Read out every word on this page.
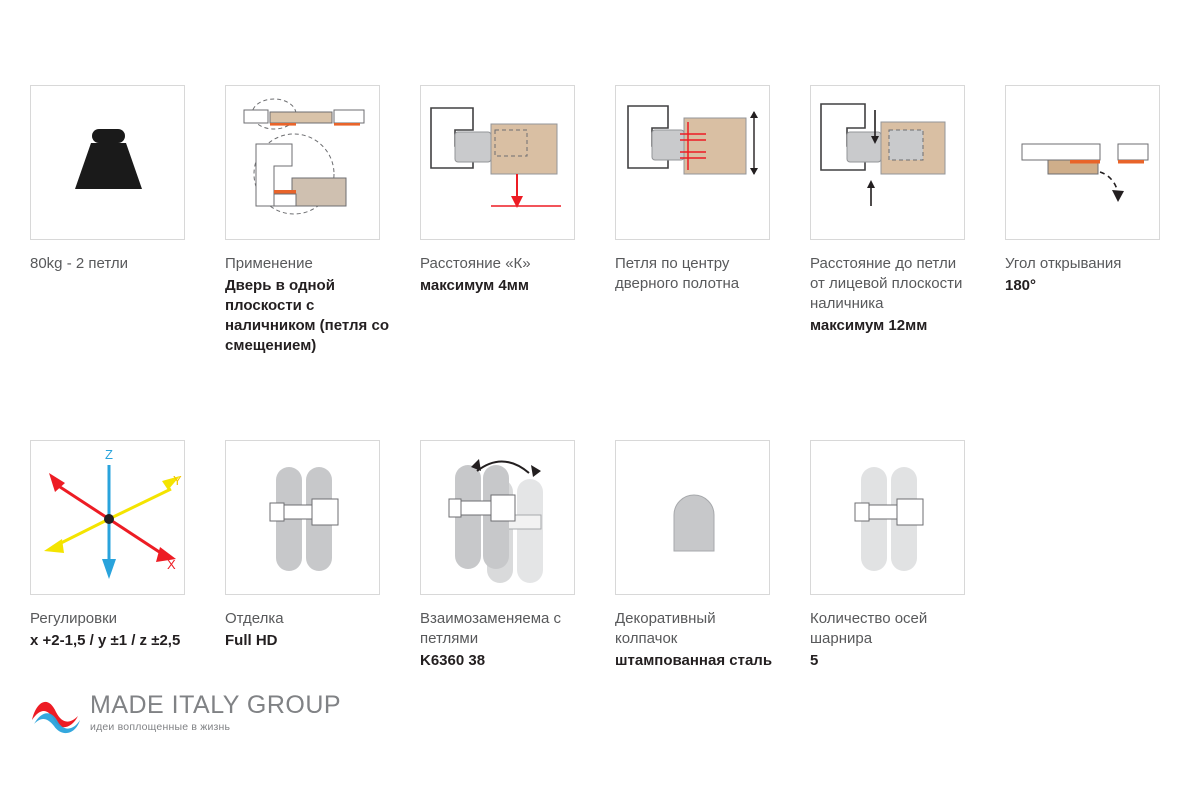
80kg - 2 петли	Применение
Дверь в одной плоскости с наличником (петля со смещением)
Расстояние «К»
максимум 4мм
Петля по центру дверного полотна
Расстояние до петли от лицевой плоскости наличника
максимум 12мм
Угол открывания
180°
Z
Y
X
Регулировки
x +2-1,5 / y ±1 / z ±2,5
Отделка
Full HD
Взаимозаменяема с петлями
K6360 38
Декоративный колпачок
штампованная сталь
Количество осей шарнира
5
MADE ITALY GROUP
идеи воплощенные в жизнь
